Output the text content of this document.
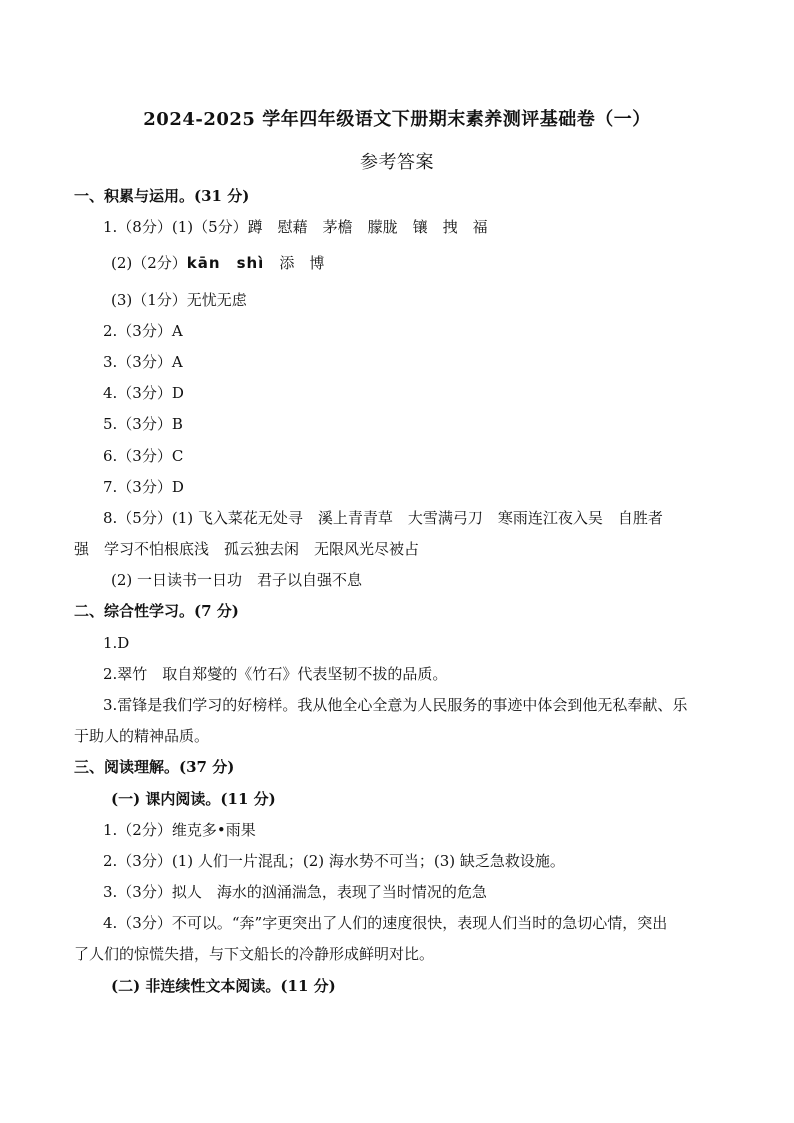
2024-2025 学年四年级语文下册期末素养测评基础卷（一）
参考答案
一、积累与运用。(31 分)
1.（8分）(1)（5分）蹲　慰藉　茅檐　朦胧　镶　拽　福
(2)（2分）kān　shì　添　博
(3)（1分）无忧无虑
2.（3分）A
3.（3分）A
4.（3分）D
5.（3分）B
6.（3分）C
7.（3分）D
8.（5分）(1) 飞入菜花无处寻　溪上青青草　大雪满弓刀　寒雨连江夜入吴　自胜者
强　学习不怕根底浅　孤云独去闲　无限风光尽被占
(2) 一日读书一日功　君子以自强不息
二、综合性学习。(7 分)
1.D
2.翠竹　取自郑燮的《竹石》代表坚韧不拔的品质。
3.雷锋是我们学习的好榜样。我从他全心全意为人民服务的事迹中体会到他无私奉献、乐
于助人的精神品质。
三、阅读理解。(37 分)
(一) 课内阅读。(11 分)
1.（2分）维克多•雨果
2.（3分）(1) 人们一片混乱；(2) 海水势不可当；(3) 缺乏急救设施。
3.（3分）拟人　海水的汹涌湍急，表现了当时情况的危急
4.（3分）不可以。“奔”字更突出了人们的速度很快，表现人们当时的急切心情，突出
了人们的惊慌失措，与下文船长的冷静形成鲜明对比。
(二) 非连续性文本阅读。(11 分)
